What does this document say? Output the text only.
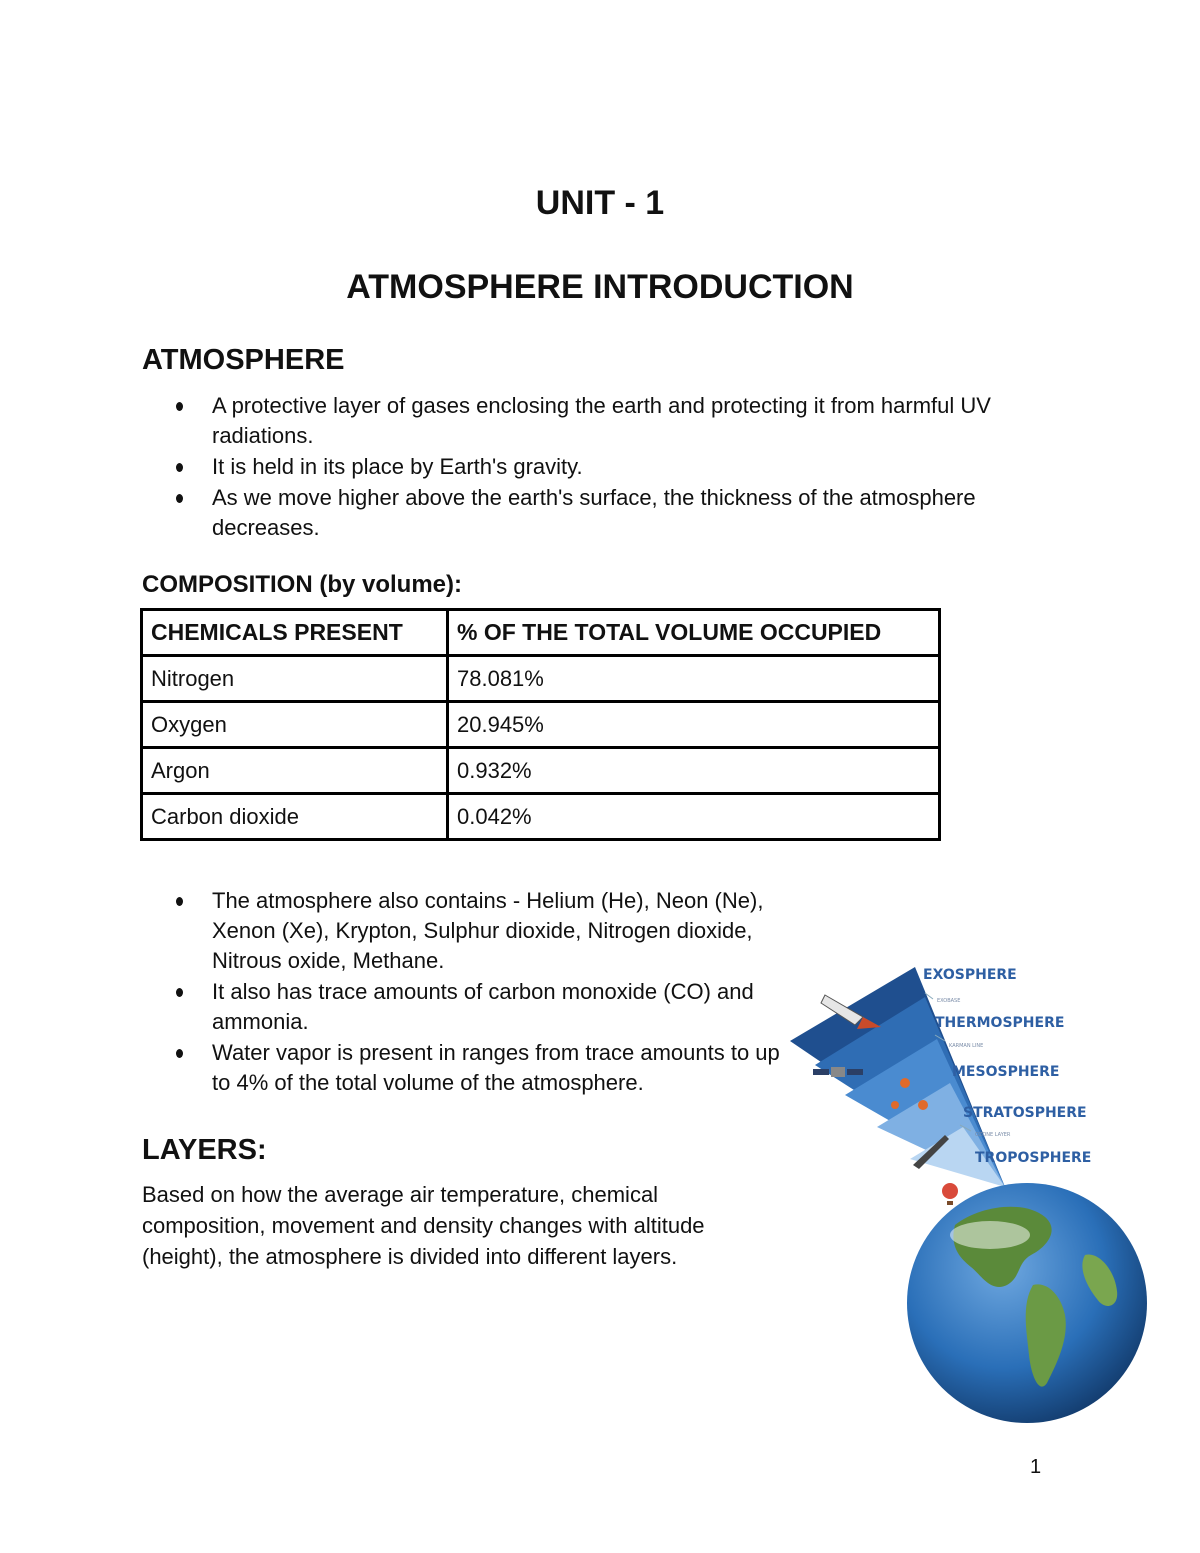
UNIT - 1
ATMOSPHERE INTRODUCTION
ATMOSPHERE
A protective layer of gases enclosing the earth and protecting it from harmful UV radiations.
It is held in its place by Earth's gravity.
As we move higher above the earth's surface, the thickness of the atmosphere decreases.
COMPOSITION (by volume):
CHEMICALS PRESENT	% OF THE TOTAL VOLUME OCCUPIED
Nitrogen	78.081%
Oxygen	20.945%
Argon	0.932%
Carbon dioxide	0.042%
The atmosphere also contains - Helium (He), Neon (Ne), Xenon (Xe), Krypton, Sulphur dioxide, Nitrogen dioxide, Nitrous oxide, Methane.
It also has trace amounts of carbon monoxide (CO) and ammonia.
Water vapor is present in ranges from trace amounts to up to 4% of the total volume of the atmosphere.
LAYERS:

Based on how the average air temperature, chemical composition, movement and density changes with altitude (height), the atmosphere is divided into different layers.

EXOSPHERE
EXOBASE
THERMOSPHERE
KARMAN LINE
MESOSPHERE
STRATOSPHERE
OZONE LAYER
TROPOSPHERE
1
